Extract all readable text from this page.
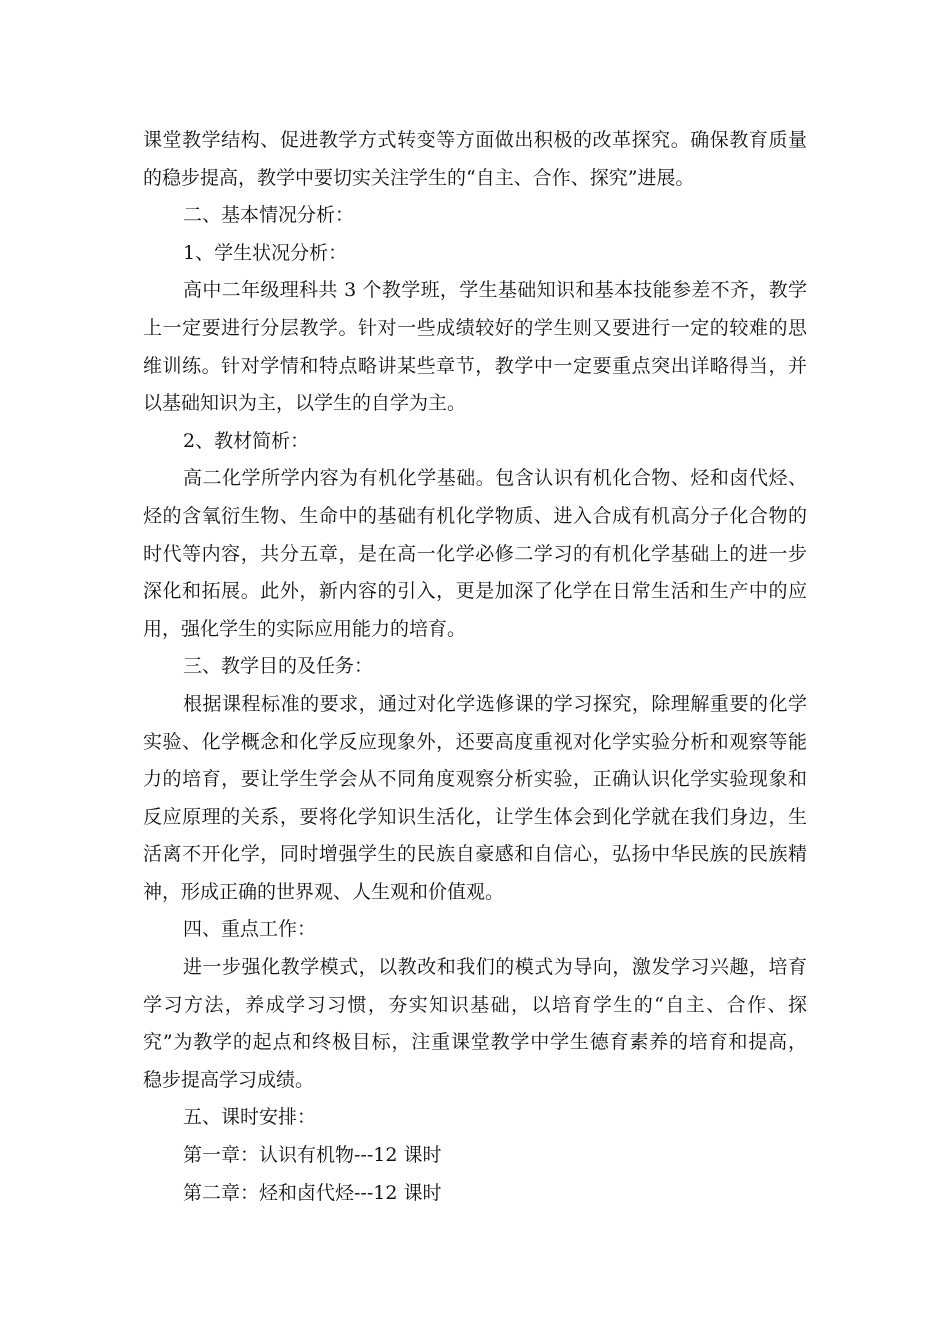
课堂教学结构、促进教学方式转变等方面做出积极的改革探究。确保教育质量
的稳步提高，教学中要切实关注学生的“自主、合作、探究”进展。
二、基本情况分析：
1、学生状况分析：
高中二年级理科共 3 个教学班，学生基础知识和基本技能参差不齐，教学
上一定要进行分层教学。针对一些成绩较好的学生则又要进行一定的较难的思
维训练。针对学情和特点略讲某些章节，教学中一定要重点突出详略得当，并
以基础知识为主，以学生的自学为主。
2、教材简析：
高二化学所学内容为有机化学基础。包含认识有机化合物、烃和卤代烃、
烃的含氧衍生物、生命中的基础有机化学物质、进入合成有机高分子化合物的
时代等内容，共分五章，是在高一化学必修二学习的有机化学基础上的进一步
深化和拓展。此外，新内容的引入，更是加深了化学在日常生活和生产中的应
用，强化学生的实际应用能力的培育。
三、教学目的及任务：
根据课程标准的要求，通过对化学选修课的学习探究，除理解重要的化学
实验、化学概念和化学反应现象外，还要高度重视对化学实验分析和观察等能
力的培育，要让学生学会从不同角度观察分析实验，正确认识化学实验现象和
反应原理的关系，要将化学知识生活化，让学生体会到化学就在我们身边，生
活离不开化学，同时增强学生的民族自豪感和自信心，弘扬中华民族的民族精
神，形成正确的世界观、人生观和价值观。
四、重点工作：
进一步强化教学模式，以教改和我们的模式为导向，激发学习兴趣，培育
学习方法，养成学习习惯，夯实知识基础，以培育学生的“自主、合作、探
究”为教学的起点和终极目标，注重课堂教学中学生德育素养的培育和提高，
稳步提高学习成绩。
五、课时安排：
第一章：认识有机物---12 课时
第二章：烃和卤代烃---12 课时
